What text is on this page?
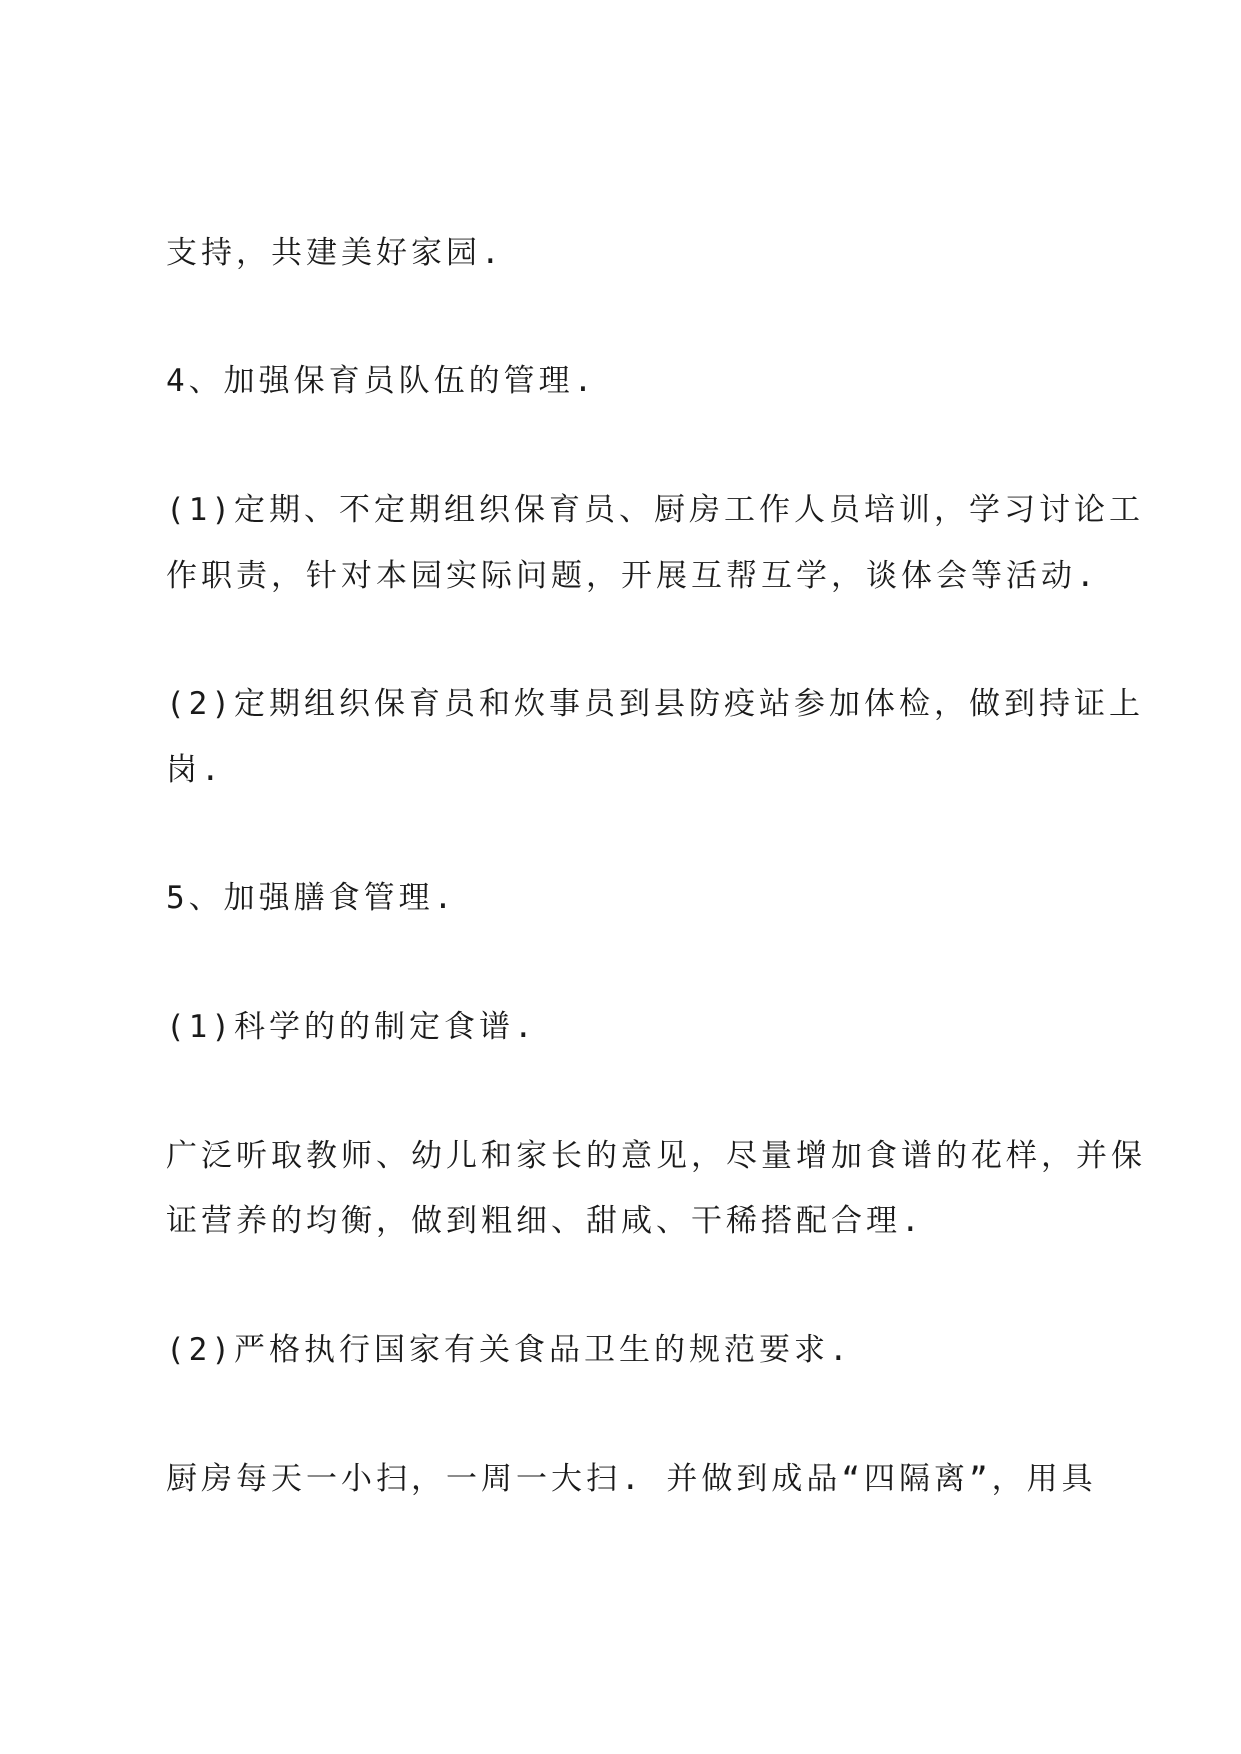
支持，共建美好家园.
4、加强保育员队伍的管理.
(1)定期、不定期组织保育员、厨房工作人员培训，学习讨论工
作职责，针对本园实际问题，开展互帮互学，谈体会等活动.
(2)定期组织保育员和炊事员到县防疫站参加体检，做到持证上
岗.
5、加强膳食管理.
(1)科学的的制定食谱.
广泛听取教师、幼儿和家长的意见，尽量增加食谱的花样，并保
证营养的均衡，做到粗细、甜咸、干稀搭配合理.
(2)严格执行国家有关食品卫生的规范要求.
厨房每天一小扫，一周一大扫. 并做到成品“四隔离”，用具
